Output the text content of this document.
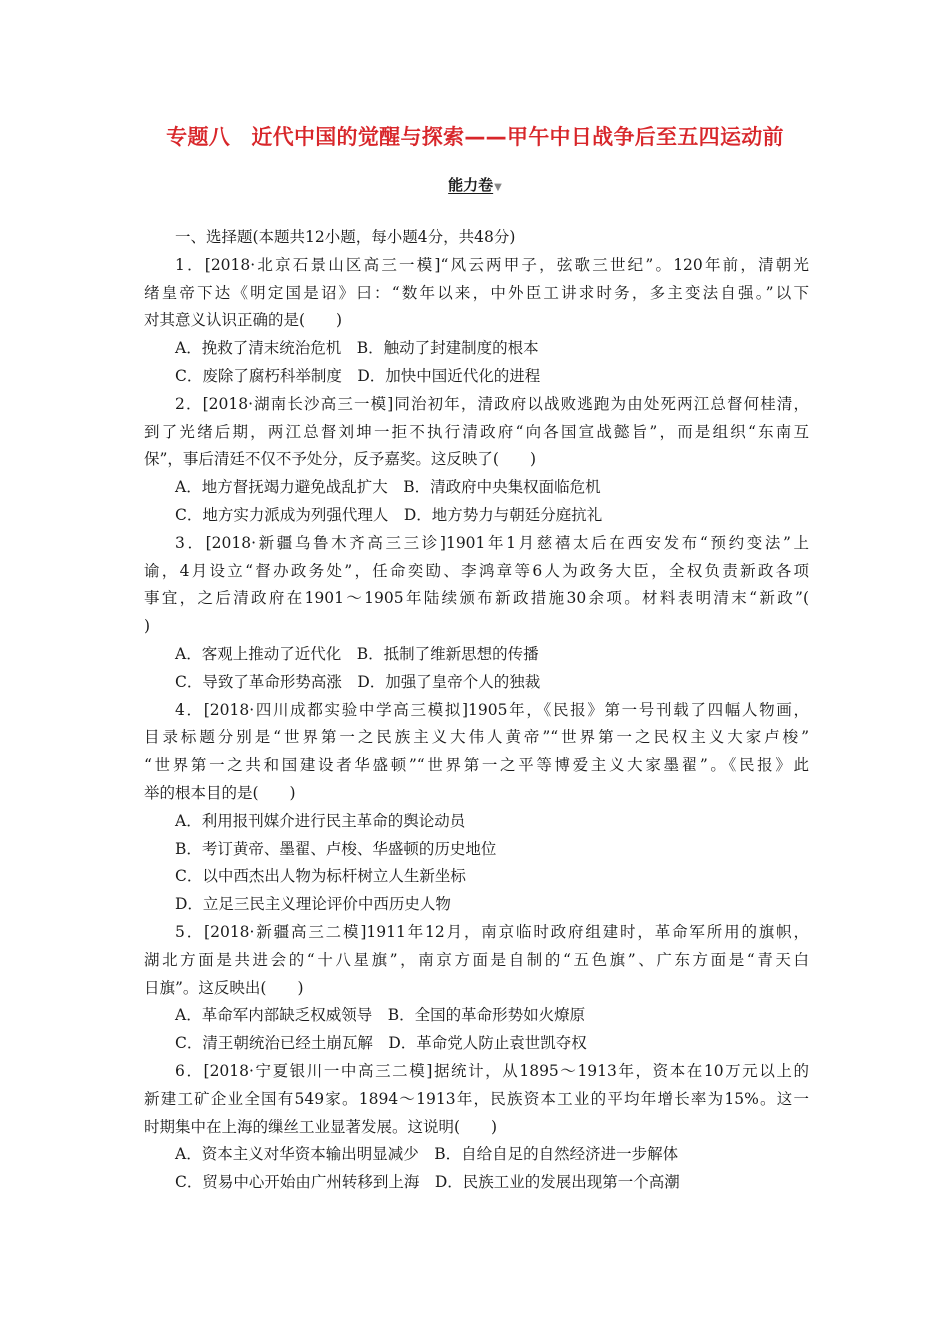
专题八　近代中国的觉醒与探索——甲午中日战争后至五四运动前
能力卷▼
一、选择题(本题共12小题，每小题4分，共48分)
1．[2018·北京石景山区高三一模]“风云两甲子，弦歌三世纪”。120年前，清朝光
绪皇帝下达《明定国是诏》曰：“数年以来，中外臣工讲求时务，多主变法自强。”以下
对其意义认识正确的是(　　)
A．挽救了清末统治危机　B．触动了封建制度的根本
C．废除了腐朽科举制度　D．加快中国近代化的进程
2．[2018·湖南长沙高三一模]同治初年，清政府以战败逃跑为由处死两江总督何桂清，
到了光绪后期，两江总督刘坤一拒不执行清政府“向各国宣战懿旨”，而是组织“东南互
保”，事后清廷不仅不予处分，反予嘉奖。这反映了(　　)
A．地方督抚竭力避免战乱扩大　B．清政府中央集权面临危机
C．地方实力派成为列强代理人　D．地方势力与朝廷分庭抗礼
3．[2018·新疆乌鲁木齐高三三诊]1901年1月慈禧太后在西安发布“预约变法”上
谕，4月设立“督办政务处”，任命奕劻、李鸿章等6人为政务大臣，全权负责新政各项
事宜，之后清政府在1901～1905年陆续颁布新政措施30余项。材料表明清末“新政”(
)
A．客观上推动了近代化　B．抵制了维新思想的传播
C．导致了革命形势高涨　D．加强了皇帝个人的独裁
4．[2018·四川成都实验中学高三模拟]1905年，《民报》第一号刊载了四幅人物画，
目录标题分别是“世界第一之民族主义大伟人黄帝”“世界第一之民权主义大家卢梭”
“世界第一之共和国建设者华盛顿”“世界第一之平等博爱主义大家墨翟”。《民报》此
举的根本目的是(　　)
A．利用报刊媒介进行民主革命的舆论动员
B．考订黄帝、墨翟、卢梭、华盛顿的历史地位
C．以中西杰出人物为标杆树立人生新坐标
D．立足三民主义理论评价中西历史人物
5．[2018·新疆高三二模]1911年12月，南京临时政府组建时，革命军所用的旗帜，
湖北方面是共进会的“十八星旗”，南京方面是自制的“五色旗”、广东方面是“青天白
日旗”。这反映出(　　)
A．革命军内部缺乏权威领导　B．全国的革命形势如火燎原
C．清王朝统治已经土崩瓦解　D．革命党人防止袁世凯夺权
6．[2018·宁夏银川一中高三二模]据统计，从1895～1913年，资本在10万元以上的
新建工矿企业全国有549家。1894～1913年，民族资本工业的平均年增长率为15%。这一
时期集中在上海的缫丝工业显著发展。这说明(　　)
A．资本主义对华资本输出明显减少　B．自给自足的自然经济进一步解体
C．贸易中心开始由广州转移到上海　D．民族工业的发展出现第一个高潮
